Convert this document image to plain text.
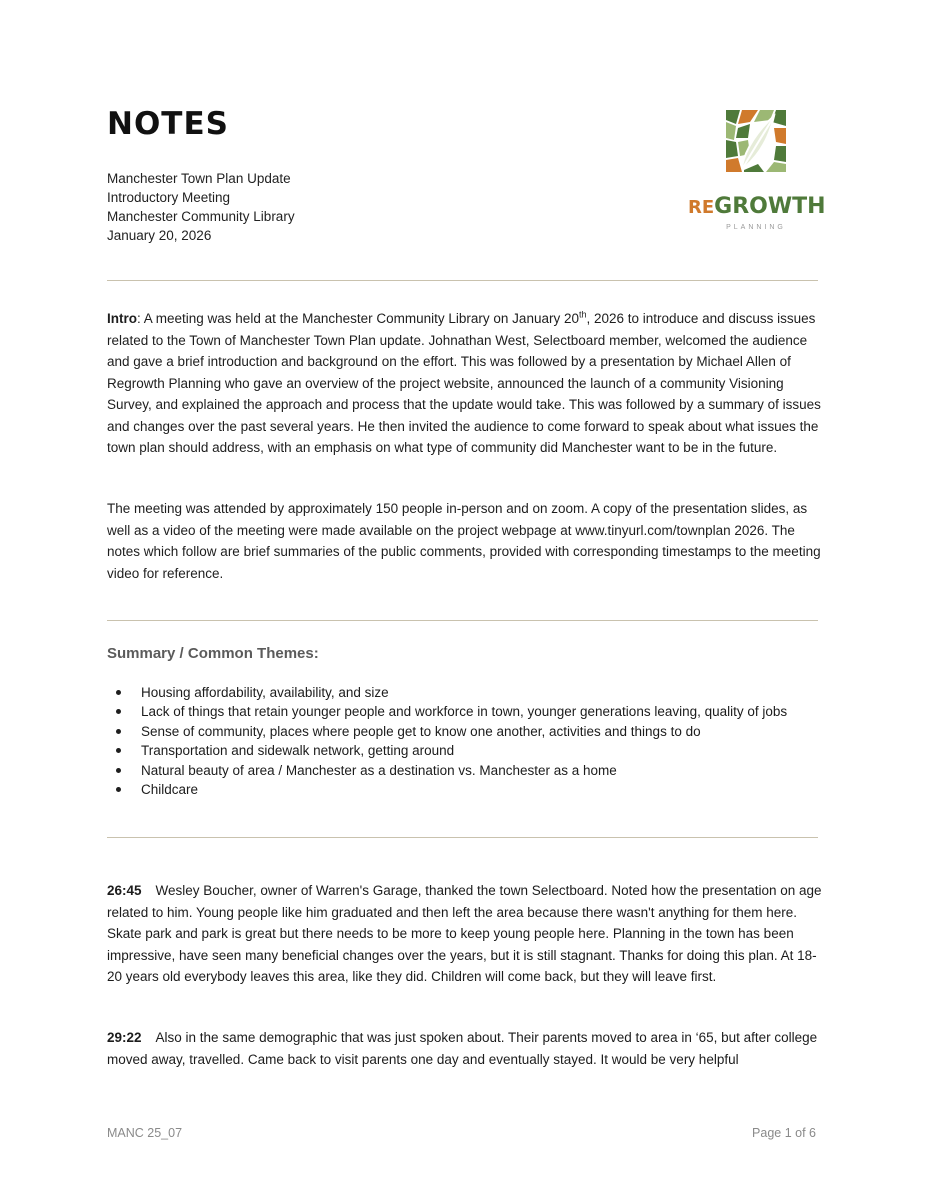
NOTES
Manchester Town Plan Update
Introductory Meeting
Manchester Community Library
January 20, 2026
REGROWTH
PLANNING

Intro: A meeting was held at the Manchester Community Library on January 20th, 2026 to introduce and discuss issues related to the Town of Manchester Town Plan update. Johnathan West, Selectboard member, welcomed the audience and gave a brief introduction and background on the effort. This was followed by a presentation by Michael Allen of Regrowth Planning who gave an overview of the project website, announced the launch of a community Visioning Survey, and explained the approach and process that the update would take. This was followed by a summary of issues and changes over the past several years. He then invited the audience to come forward to speak about what issues the town plan should address, with an emphasis on what type of community did Manchester want to be in the future.

The meeting was attended by approximately 150 people in-person and on zoom. A copy of the presentation slides, as well as a video of the meeting were made available on the project webpage at www.tinyurl.com/townplan 2026. The notes which follow are brief summaries of the public comments, provided with corresponding timestamps to the meeting video for reference.

Summary / Common Themes:
Housing affordability, availability, and size
Lack of things that retain younger people and workforce in town, younger generations leaving, quality of jobs
Sense of community, places where people get to know one another, activities and things to do
Transportation and sidewalk network, getting around
Natural beauty of area / Manchester as a destination vs. Manchester as a home
Childcare

26:45 Wesley Boucher, owner of Warren's Garage, thanked the town Selectboard. Noted how the presentation on age related to him. Young people like him graduated and then left the area because there wasn't anything for them here. Skate park and park is great but there needs to be more to keep young people here. Planning in the town has been impressive, have seen many beneficial changes over the years, but it is still stagnant. Thanks for doing this plan. At 18-20 years old everybody leaves this area, like they did. Children will come back, but they will leave first.

29:22 Also in the same demographic that was just spoken about. Their parents moved to area in ‘65, but after college moved away, travelled. Came back to visit parents one day and eventually stayed. It would be very helpful

MANC 25_07	Page 1 of 6
